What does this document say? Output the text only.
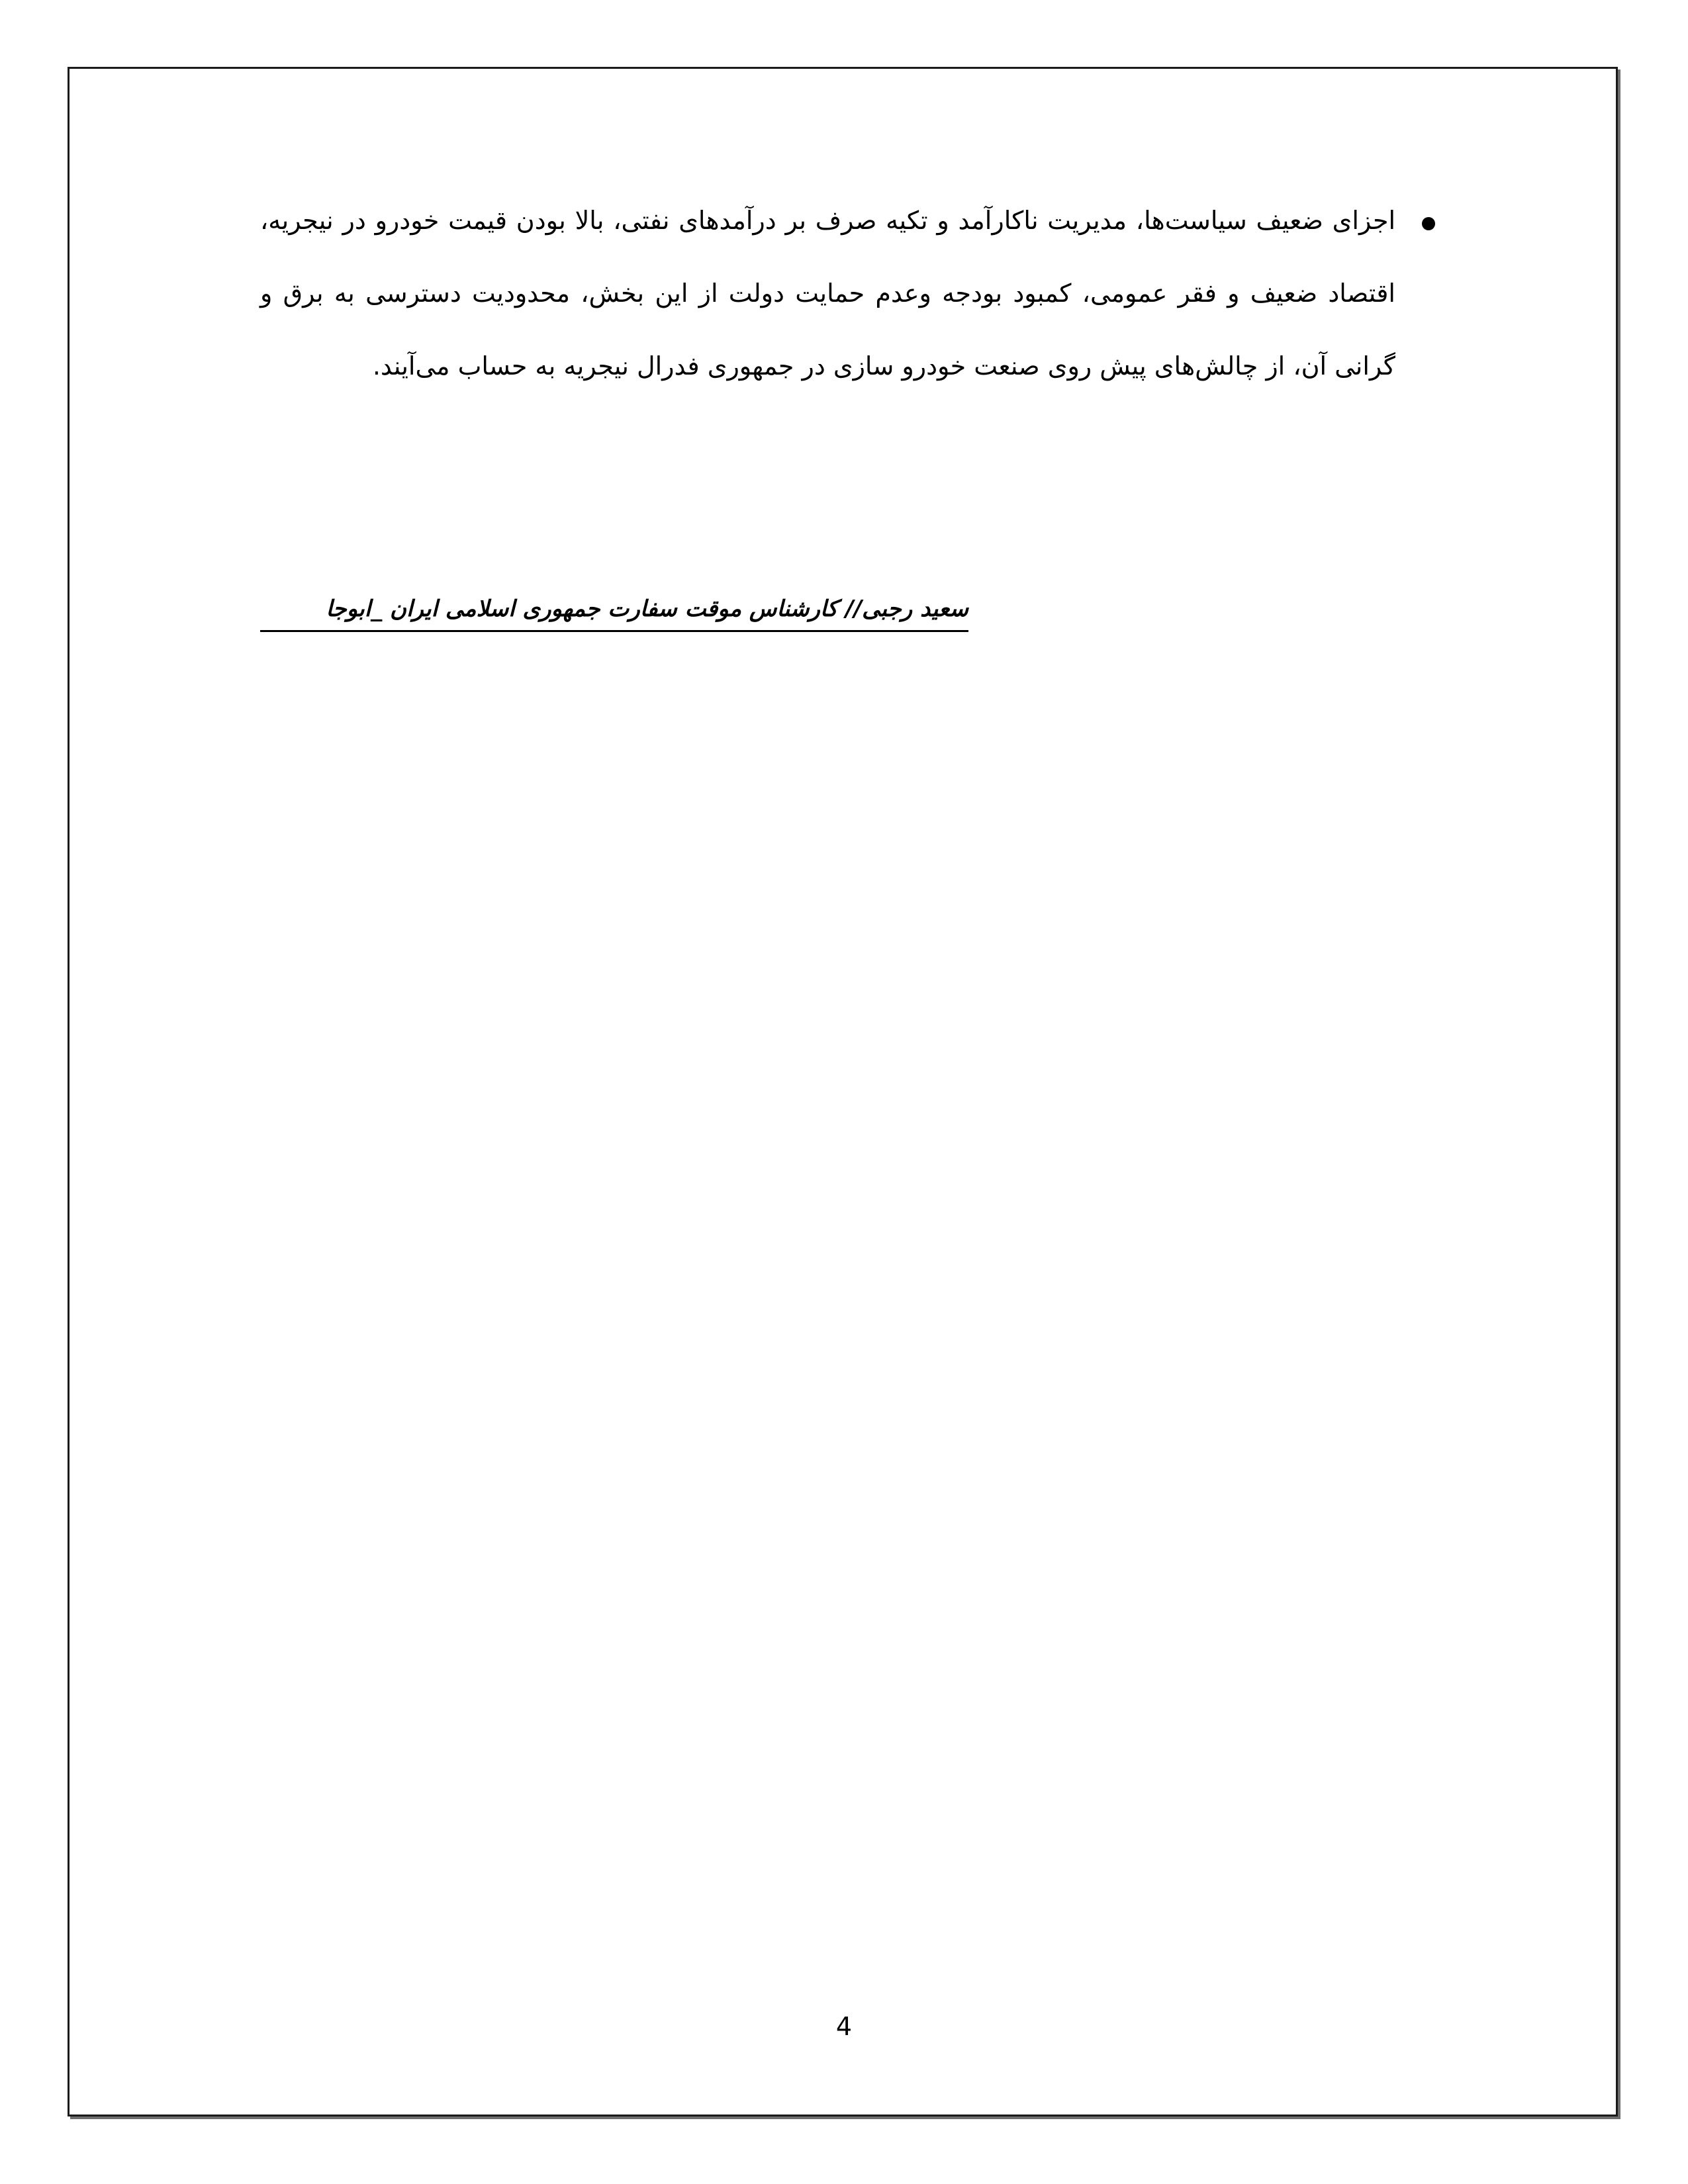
اجزای ضعیف سیاست‌ها، مدیریت ناکارآمد و تکیه صرف بر درآمدهای نفتی، بالا بودن قیمت خودرو در نیجریه، اقتصاد ضعیف و فقر عمومی، کمبود بودجه وعدم حمایت دولت از این بخش، محدودیت دسترسی به برق و گرانی آن، از چالش‌های پیش روی صنعت خودرو سازی در جمهوری فدرال نیجریه به حساب می‌آیند.

سعید رجبی// کارشناس موقت سفارت جمهوری اسلامی ایران _ابوجا
4
